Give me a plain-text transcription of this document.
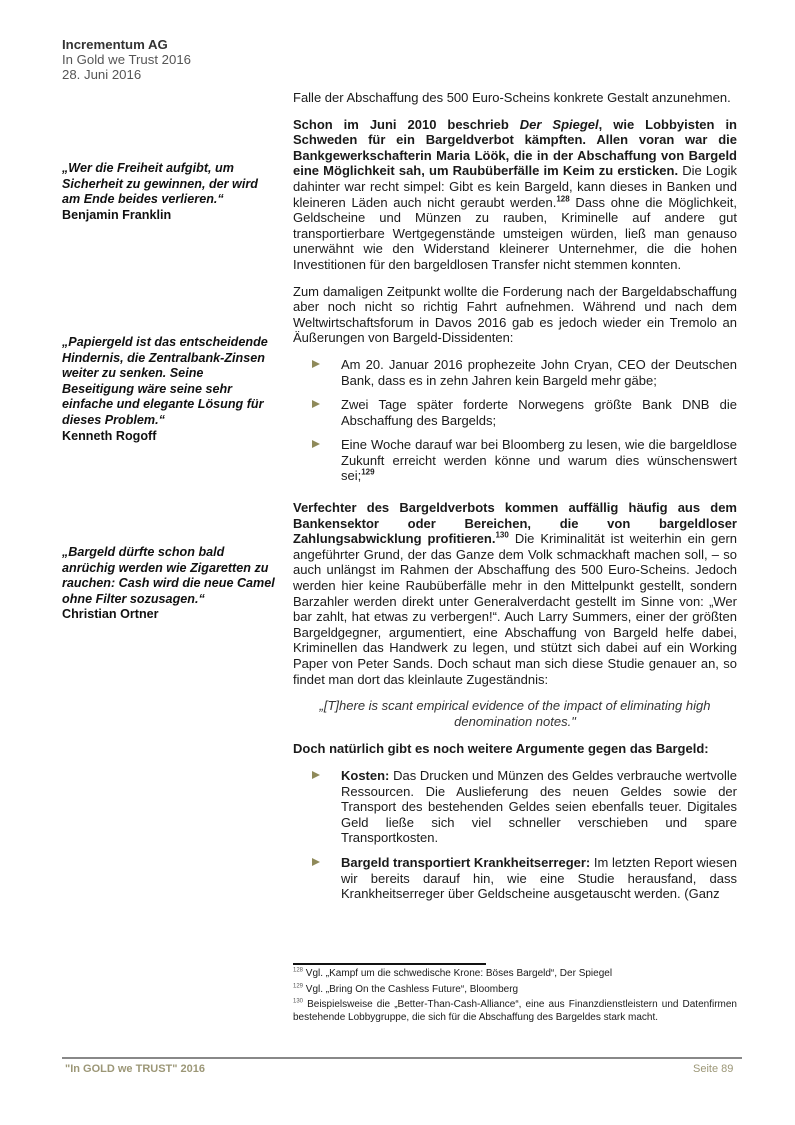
Incrementum AG
In Gold we Trust 2016
28. Juni 2016
„Wer die Freiheit aufgibt, um Sicherheit zu gewinnen, der wird am Ende beides verlieren.“
Benjamin Franklin
„Papiergeld ist das entscheidende Hindernis, die Zentralbank-Zinsen weiter zu senken. Seine Beseitigung wäre seine sehr einfache und elegante Lösung für dieses Problem.“
Kenneth Rogoff
„Bargeld dürfte schon bald anrüchig werden wie Zigaretten zu rauchen: Cash wird die neue Camel ohne Filter sozusagen.“
Christian Ortner

Falle der Abschaffung des 500 Euro-Scheins konkrete Gestalt anzunehmen.

Schon im Juni 2010 beschrieb Der Spiegel, wie Lobbyisten in Schweden für ein Bargeldverbot kämpften. Allen voran war die Bankgewerkschafterin Maria Löök, die in der Abschaffung von Bargeld eine Möglichkeit sah, um Raubüberfälle im Keim zu ersticken. Die Logik dahinter war recht simpel: Gibt es kein Bargeld, kann dieses in Banken und kleineren Läden auch nicht geraubt werden.$^{128}$ Dass ohne die Möglichkeit, Geldscheine und Münzen zu rauben, Kriminelle auf andere gut transportierbare Wertgegenstände umsteigen würden, ließ man genauso unerwähnt wie den Widerstand kleinerer Unternehmer, die die hohen Investitionen für den bargeldlosen Transfer nicht stemmen konnten.

Zum damaligen Zeitpunkt wollte die Forderung nach der Bargeldabschaffung aber noch nicht so richtig Fahrt aufnehmen. Während und nach dem Weltwirtschaftsforum in Davos 2016 gab es jedoch wieder ein Tremolo an Äußerungen von Bargeld-Dissidenten:

Am 20. Januar 2016 prophezeite John Cryan, CEO der Deutschen Bank, dass es in zehn Jahren kein Bargeld mehr gäbe;
Zwei Tage später forderte Norwegens größte Bank DNB die Abschaffung des Bargelds;
Eine Woche darauf war bei Bloomberg zu lesen, wie die bargeldlose Zukunft erreicht werden könne und warum dies wünschenswert sei;$^{129}$

Verfechter des Bargeldverbots kommen auffällig häufig aus dem Bankensektor oder Bereichen, die von bargeldloser Zahlungsabwicklung profitieren.$^{130}$ Die Kriminalität ist weiterhin ein gern angeführter Grund, der das Ganze dem Volk schmackhaft machen soll, – so auch unlängst im Rahmen der Abschaffung des 500 Euro-Scheins. Jedoch werden hier keine Raubüberfälle mehr in den Mittelpunkt gestellt, sondern Barzahler werden direkt unter Generalverdacht gestellt im Sinne von: „Wer bar zahlt, hat etwas zu verbergen!“. Auch Larry Summers, einer der größten Bargeldgegner, argumentiert, eine Abschaffung von Bargeld helfe dabei, Kriminellen das Handwerk zu legen, und stützt sich dabei auf ein Working Paper von Peter Sands. Doch schaut man sich diese Studie genauer an, so findet man dort das kleinlaute Zugeständnis:

„[T]here is scant empirical evidence of the impact of eliminating high denomination notes."

Doch natürlich gibt es noch weitere Argumente gegen das Bargeld:

Kosten: Das Drucken und Münzen des Geldes verbrauche wertvolle Ressourcen. Die Auslieferung des neuen Geldes sowie der Transport des bestehenden Geldes seien ebenfalls teuer. Digitales Geld ließe sich viel schneller verschieben und spare Transportkosten.
Bargeld transportiert Krankheitserreger: Im letzten Report wiesen wir bereits darauf hin, wie eine Studie herausfand, dass Krankheitserreger über Geldscheine ausgetauscht werden. (Ganz
$^{128}$ Vgl. „Kampf um die schwedische Krone: Böses Bargeld“, Der Spiegel
$^{129}$ Vgl. „Bring On the Cashless Future“, Bloomberg
$^{130}$ Beispielsweise die „Better-Than-Cash-Alliance“, eine aus Finanzdienstleistern und Datenfirmen bestehende Lobbygruppe, die sich für die Abschaffung des Bargeldes stark macht.
"In GOLD we TRUST" 2016	Seite 89
